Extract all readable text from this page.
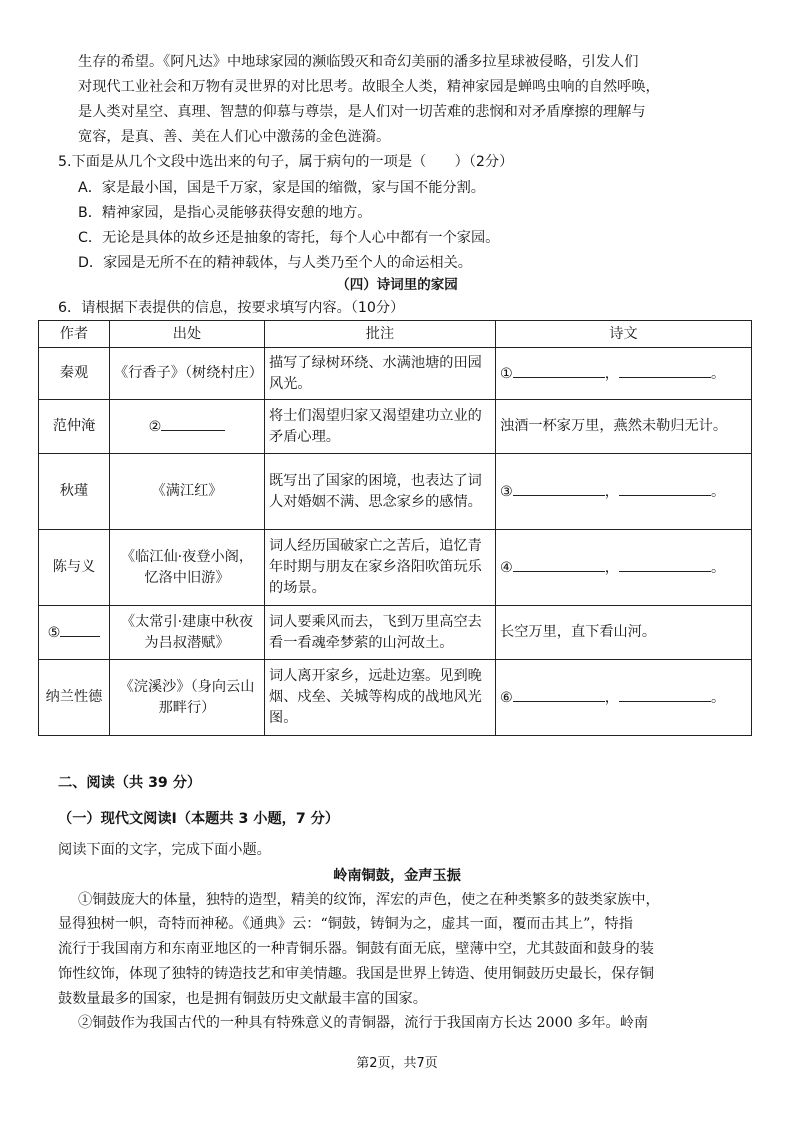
生存的希望。《阿凡达》中地球家园的濒临毁灭和奇幻美丽的潘多拉星球被侵略，引发人们
对现代工业社会和万物有灵世界的对比思考。故眼全人类，精神家园是蝉鸣虫响的自然呼唤，
是人类对星空、真理、智慧的仰慕与尊崇，是人们对一切苦难的悲悯和对矛盾摩擦的理解与
宽容，是真、善、美在人们心中激荡的金色涟漪。
5.下面是从几个文段中选出来的句子，属于病句的一项是（　　）（2分）
A．家是最小国，国是千万家，家是国的缩微，家与国不能分割。
B．精神家园，是指心灵能够获得安憩的地方。
C．无论是具体的故乡还是抽象的寄托，每个人心中都有一个家园。
D．家园是无所不在的精神载体，与人类乃至个人的命运相关。
（四）诗词里的家园
6．请根据下表提供的信息，按要求填写内容。（10分）
作者	出处	批注	诗文
秦观	《行香子》（树绕村庄）	描写了绿树环绕、水满池塘的田园风光。	① ， 。
范仲淹	②	将士们渴望归家又渴望建功立业的矛盾心理。	浊酒一杯家万里，燕然未勒归无计。
秋瑾	《满江红》	既写出了国家的困境，也表达了词人对婚姻不满、思念家乡的感情。	③ ， 。
陈与义	《临江仙·夜登小阁，忆洛中旧游》	词人经历国破家亡之苦后，追忆青年时期与朋友在家乡洛阳吹笛玩乐的场景。	④ ， 。
⑤	《太常引·建康中秋夜为吕叔潜赋》	词人要乘风而去，飞到万里高空去看一看魂牵梦萦的山河故土。	长空万里，直下看山河。
纳兰性德	《浣溪沙》（身向云山那畔行）	词人离开家乡，远赴边塞。见到晚烟、戍垒、关城等构成的战地风光图。	⑥ ， 。
二、阅读（共 39 分）
（一）现代文阅读Ⅰ（本题共 3 小题，7 分）
阅读下面的文字，完成下面小题。
岭南铜鼓，金声玉振
①铜鼓庞大的体量，独特的造型，精美的纹饰，浑宏的声色，使之在种类繁多的鼓类家族中，
显得独树一帜，奇特而神秘。《通典》云：“铜鼓，铸铜为之，虚其一面，覆而击其上”，特指
流行于我国南方和东南亚地区的一种青铜乐器。铜鼓有面无底，壁薄中空，尤其鼓面和鼓身的装
饰性纹饰，体现了独特的铸造技艺和审美情趣。我国是世界上铸造、使用铜鼓历史最长，保存铜
鼓数量最多的国家，也是拥有铜鼓历史文献最丰富的国家。
②铜鼓作为我国古代的一种具有特殊意义的青铜器，流行于我国南方长达 2000 多年。岭南
第2页，共7页
